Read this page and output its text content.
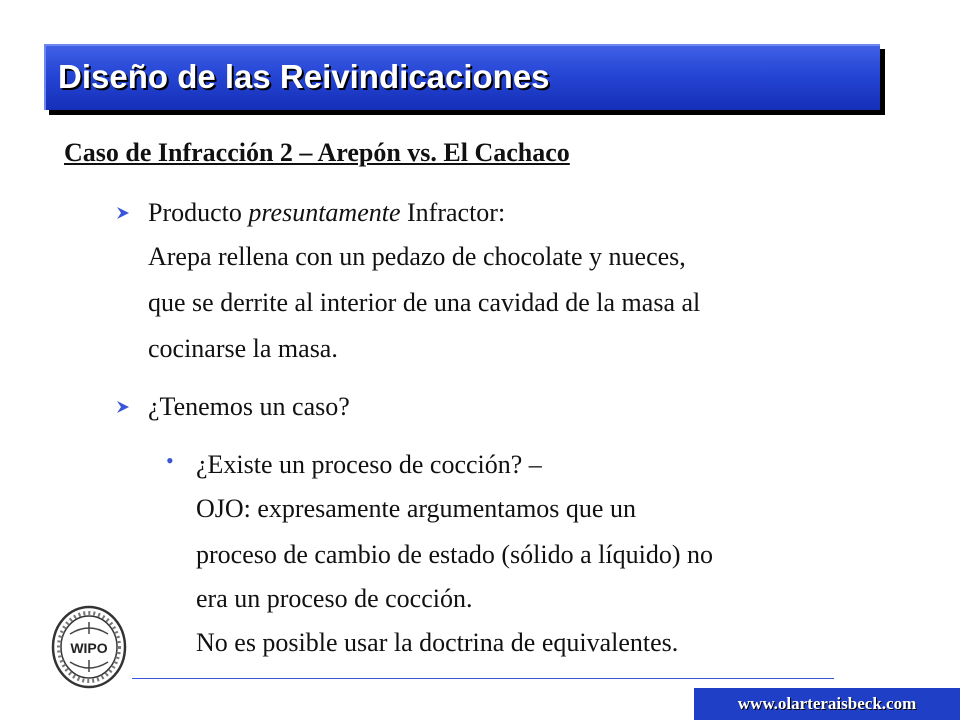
Diseño de las Reivindicaciones
Caso de Infracción 2 – Arepón vs. El Cachaco
Producto presuntamente Infractor:
Arepa rellena con un pedazo de chocolate y nueces,
que se derrite al interior de una cavidad de la masa al
cocinarse la masa.
¿Tenemos un caso?
• ¿Existe un proceso de cocción? –
OJO: expresamente argumentamos que un
proceso de cambio de estado (sólido a líquido) no
era un proceso de cocción.
No es posible usar la doctrina de equivalentes.
WIPO
www.olarteraisbeck.com
